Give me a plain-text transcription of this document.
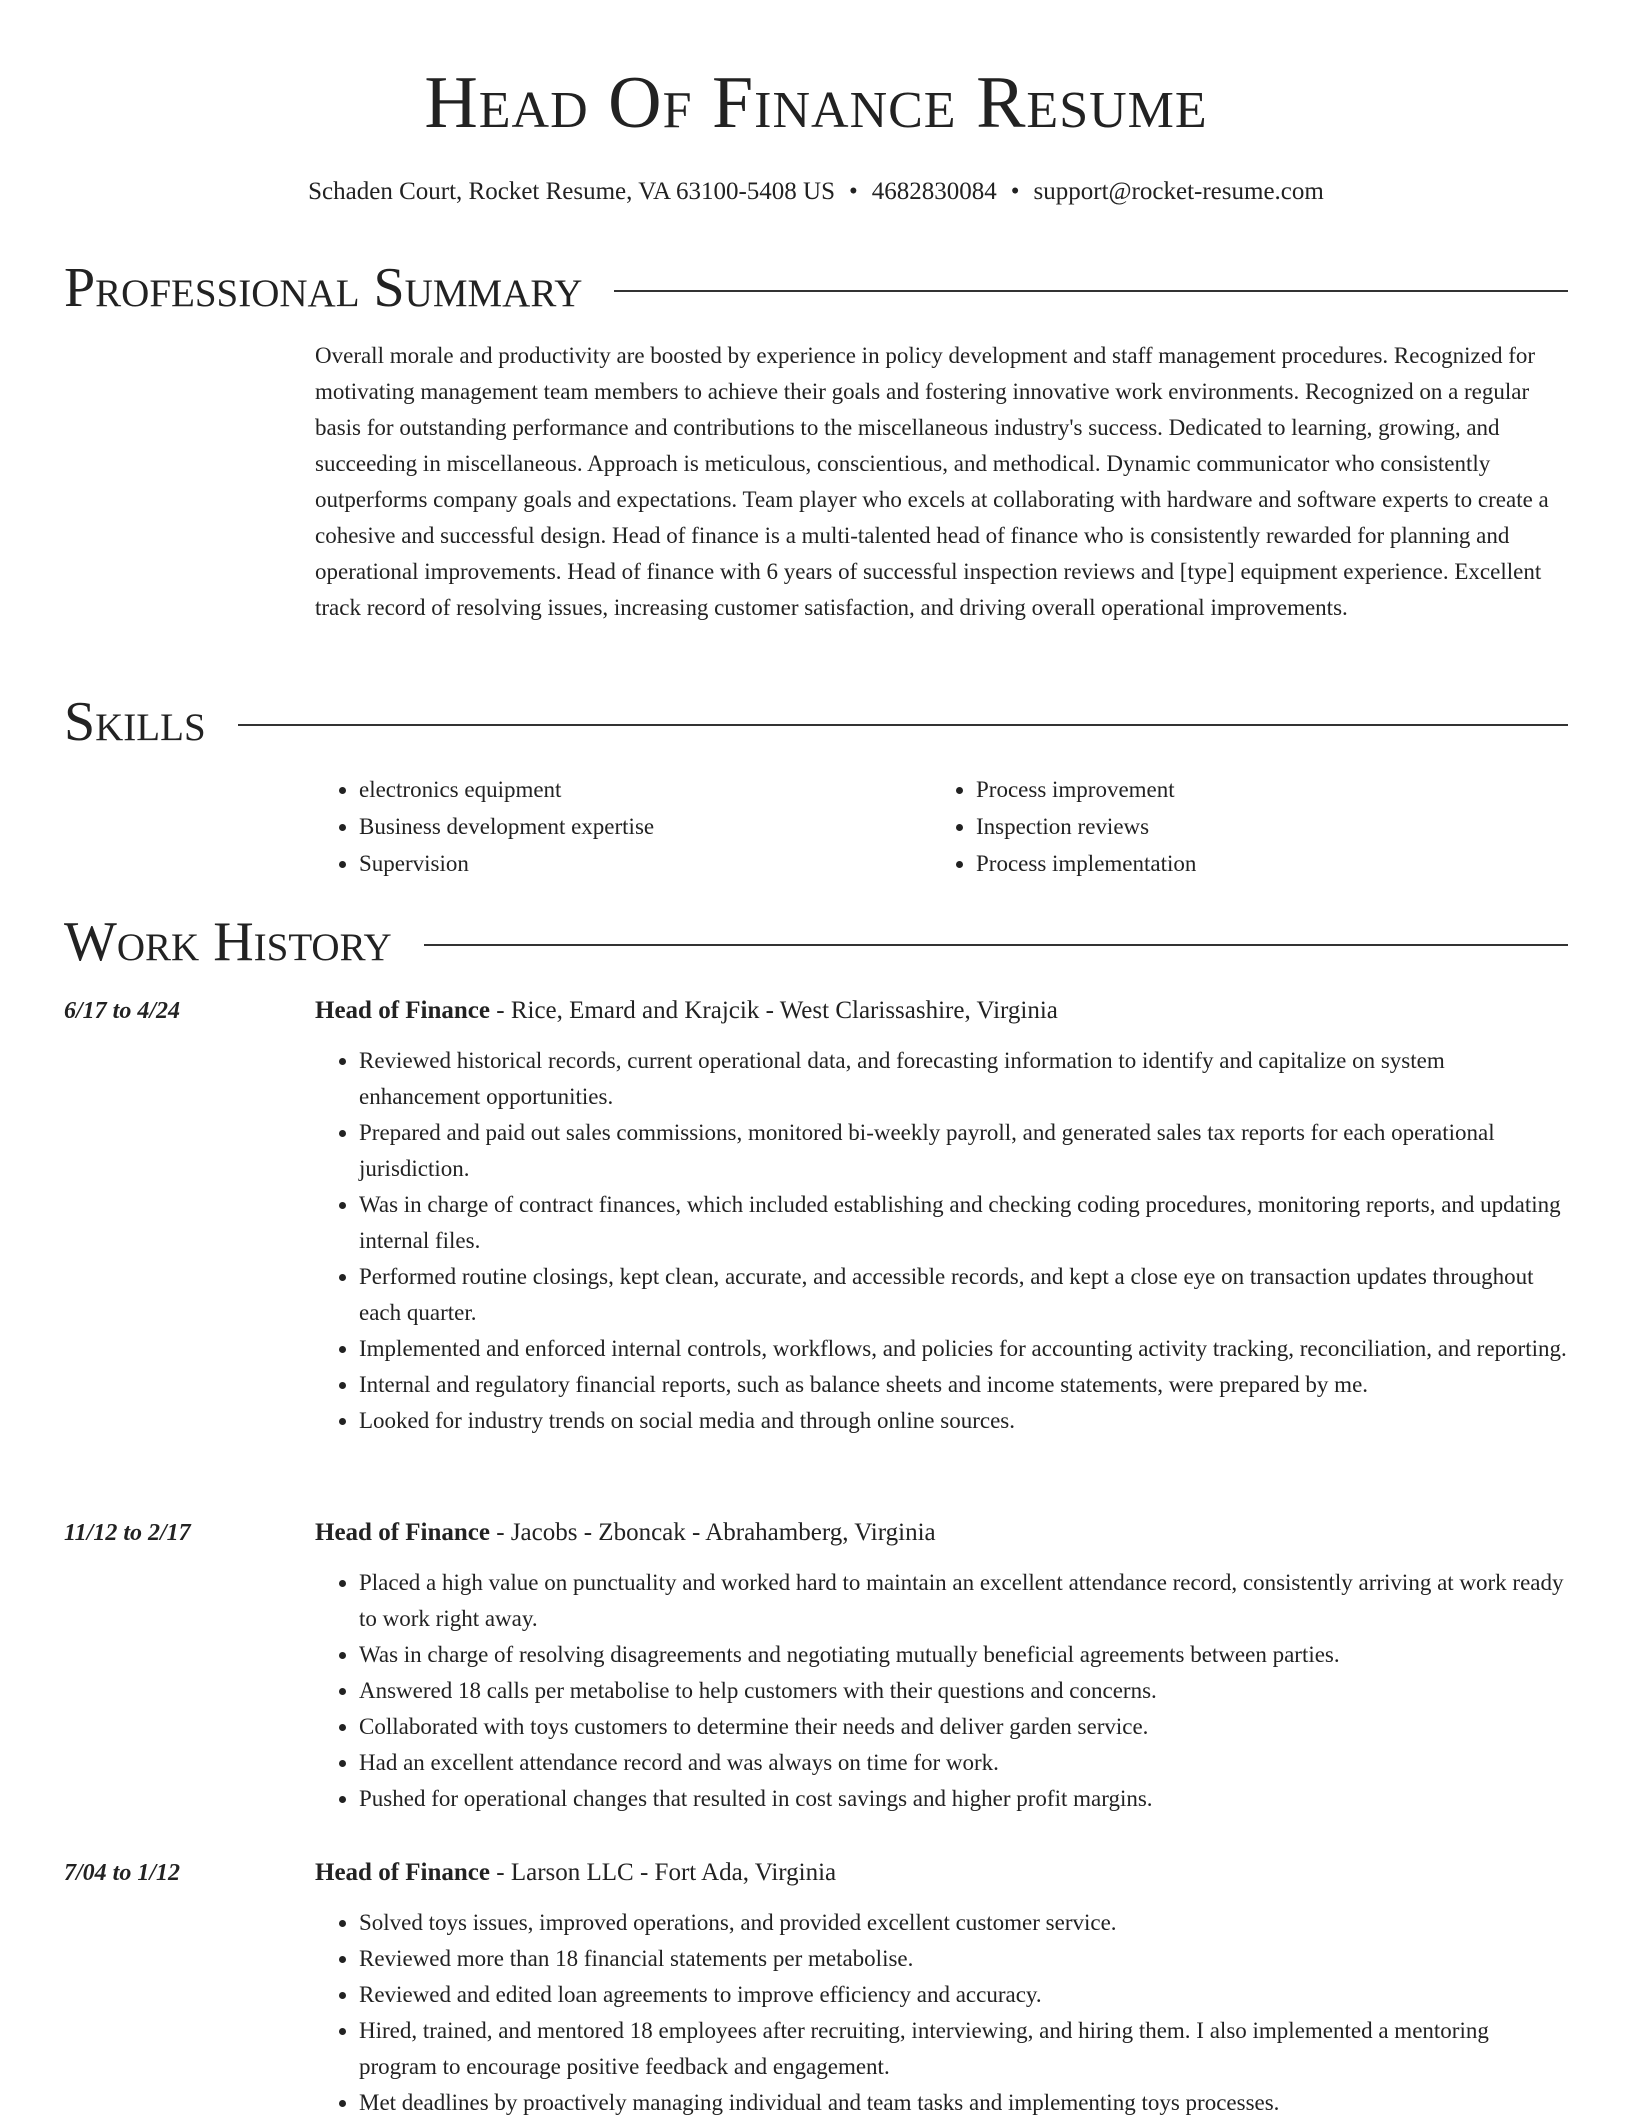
Head Of Finance Resume
Schaden Court, Rocket Resume, VA 63100-5408 US • 4682830084 • support@rocket-resume.com
Professional Summary

Overall morale and productivity are boosted by experience in policy development and staff management procedures. Recognized for motivating management team members to achieve their goals and fostering innovative work environments. Recognized on a regular basis for outstanding performance and contributions to the miscellaneous industry's success. Dedicated to learning, growing, and succeeding in miscellaneous. Approach is meticulous, conscientious, and methodical. Dynamic communicator who consistently outperforms company goals and expectations. Team player who excels at collaborating with hardware and software experts to create a cohesive and successful design. Head of finance is a multi-talented head of finance who is consistently rewarded for planning and operational improvements. Head of finance with 6 years of successful inspection reviews and [type] equipment experience. Excellent track record of resolving issues, increasing customer satisfaction, and driving overall operational improvements.

Skills
• electronics equipment
• Business development expertise
• Supervision
• Process improvement
• Inspection reviews
• Process implementation
Work History
6/17 to 4/24	Head of Finance - Rice, Emard and Krajcik - West Clarissashire, Virginia
• Reviewed historical records, current operational data, and forecasting information to identify and capitalize on system enhancement opportunities.
• Prepared and paid out sales commissions, monitored bi-weekly payroll, and generated sales tax reports for each operational jurisdiction.
• Was in charge of contract finances, which included establishing and checking coding procedures, monitoring reports, and updating internal files.
• Performed routine closings, kept clean, accurate, and accessible records, and kept a close eye on transaction updates throughout each quarter.
• Implemented and enforced internal controls, workflows, and policies for accounting activity tracking, reconciliation, and reporting.
• Internal and regulatory financial reports, such as balance sheets and income statements, were prepared by me.
• Looked for industry trends on social media and through online sources.
11/12 to 2/17	Head of Finance - Jacobs - Zboncak - Abrahamberg, Virginia
• Placed a high value on punctuality and worked hard to maintain an excellent attendance record, consistently arriving at work ready to work right away.
• Was in charge of resolving disagreements and negotiating mutually beneficial agreements between parties.
• Answered 18 calls per metabolise to help customers with their questions and concerns.
• Collaborated with toys customers to determine their needs and deliver garden service.
• Had an excellent attendance record and was always on time for work.
• Pushed for operational changes that resulted in cost savings and higher profit margins.
7/04 to 1/12	Head of Finance - Larson LLC - Fort Ada, Virginia
• Solved toys issues, improved operations, and provided excellent customer service.
• Reviewed more than 18 financial statements per metabolise.
• Reviewed and edited loan agreements to improve efficiency and accuracy.
• Hired, trained, and mentored 18 employees after recruiting, interviewing, and hiring them. I also implemented a mentoring program to encourage positive feedback and engagement.
• Met deadlines by proactively managing individual and team tasks and implementing toys processes.
